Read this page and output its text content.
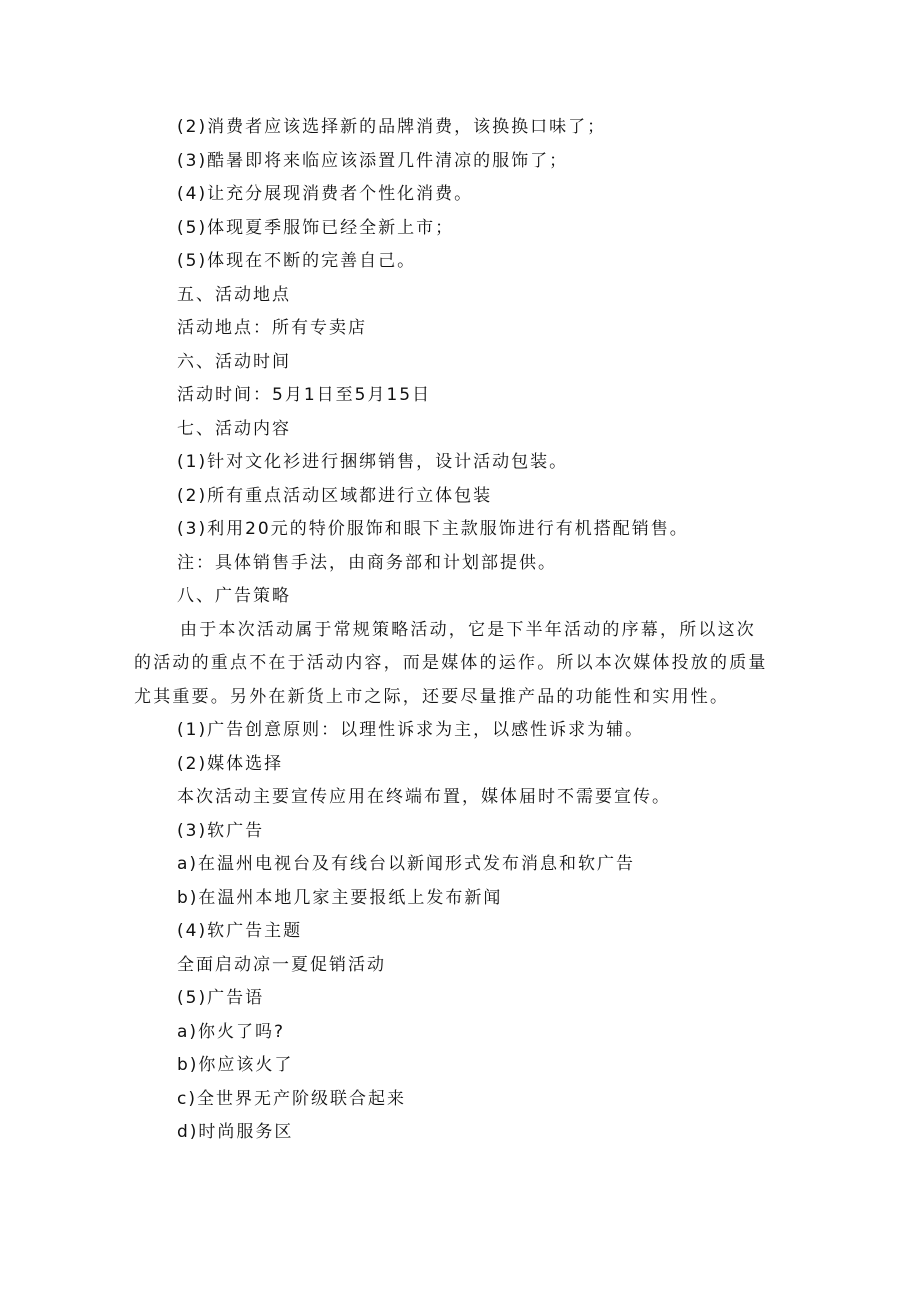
(2)消费者应该选择新的品牌消费，该换换口味了；
(3)酷暑即将来临应该添置几件清凉的服饰了；
(4)让充分展现消费者个性化消费。
(5)体现夏季服饰已经全新上市；
(5)体现在不断的完善自己。
五、活动地点
活动地点：所有专卖店
六、活动时间
活动时间：5月1日至5月15日
七、活动内容
(1)针对文化衫进行捆绑销售，设计活动包装。
(2)所有重点活动区域都进行立体包装
(3)利用20元的特价服饰和眼下主款服饰进行有机搭配销售。
注：具体销售手法，由商务部和计划部提供。
八、广告策略
由于本次活动属于常规策略活动，它是下半年活动的序幕，所以这次
的活动的重点不在于活动内容，而是媒体的运作。所以本次媒体投放的质量
尤其重要。另外在新货上市之际，还要尽量推产品的功能性和实用性。
(1)广告创意原则：以理性诉求为主，以感性诉求为辅。
(2)媒体选择
本次活动主要宣传应用在终端布置，媒体届时不需要宣传。
(3)软广告
a)在温州电视台及有线台以新闻形式发布消息和软广告
b)在温州本地几家主要报纸上发布新闻
(4)软广告主题
全面启动凉一夏促销活动
(5)广告语
a)你火了吗?
b)你应该火了
c)全世界无产阶级联合起来
d)时尚服务区
